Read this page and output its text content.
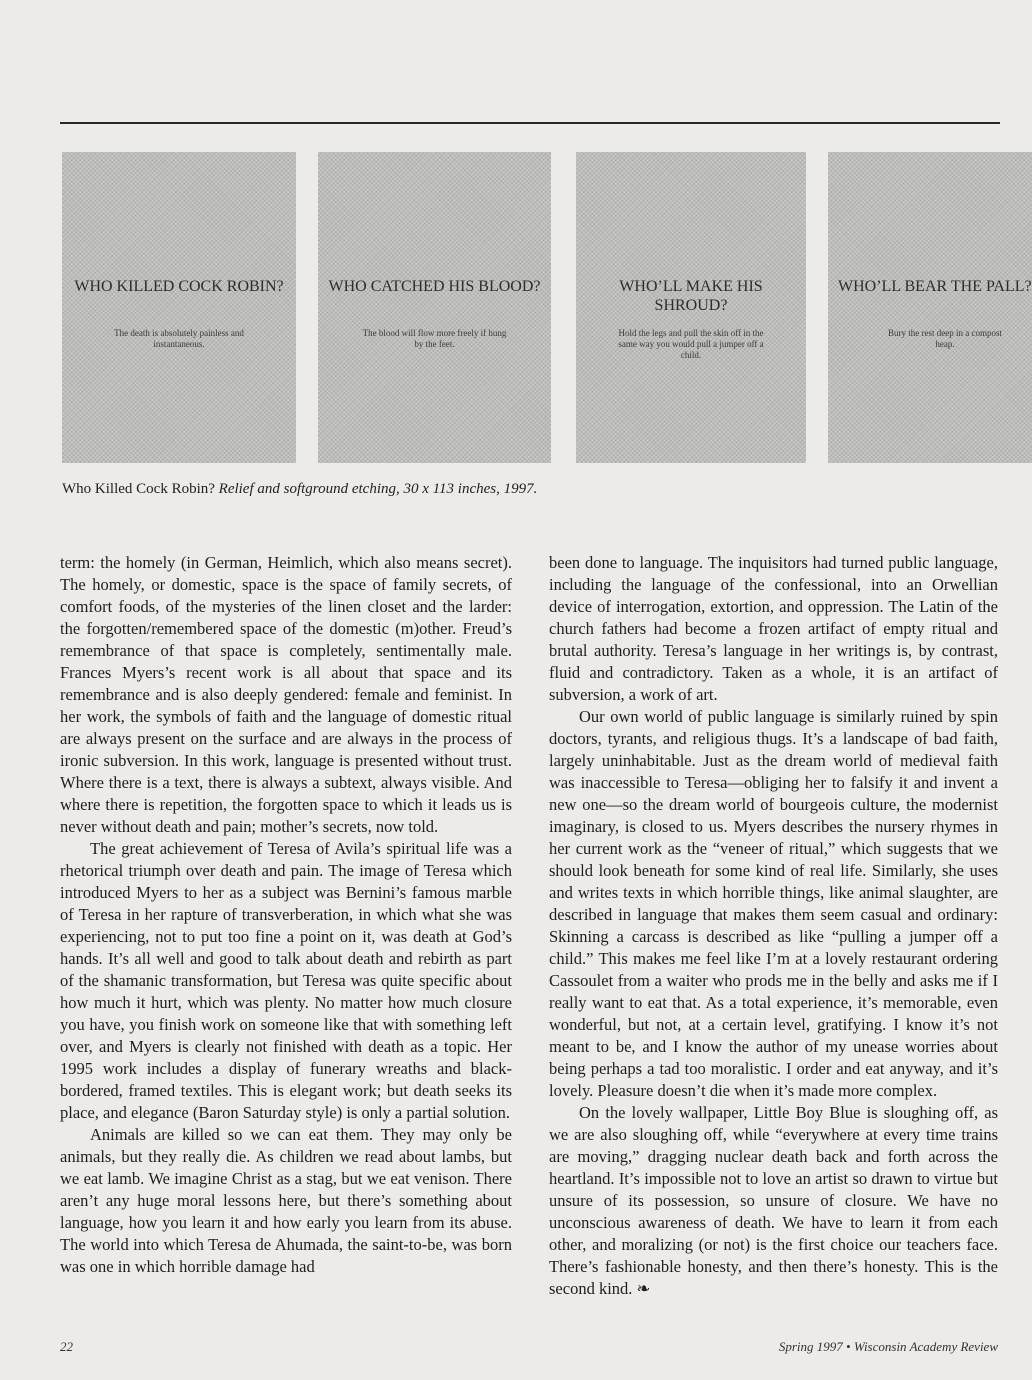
WHO KILLED COCK ROBIN?
The death is absolutely painless and instantaneous.
WHO CATCHED HIS BLOOD?
The blood will flow more freely if hung by the feet.
WHO’LL MAKE HIS SHROUD?
Hold the legs and pull the skin off in the same way you would pull a jumper off a child.
WHO’LL BEAR THE PALL?
Bury the rest deep in a compost heap.
Who Killed Cock Robin? Relief and softground etching, 30 x 113 inches, 1997.

term: the homely (in German, Heimlich, which also means secret). The homely, or domestic, space is the space of family secrets, of comfort foods, of the mysteries of the linen closet and the larder: the forgotten/remembered space of the domestic (m)other. Freud’s remembrance of that space is completely, sentimentally male. Frances Myers’s recent work is all about that space and its remembrance and is also deeply gendered: female and feminist. In her work, the symbols of faith and the language of domestic ritual are always present on the surface and are always in the process of ironic subversion. In this work, language is presented without trust. Where there is a text, there is always a subtext, always visible. And where there is repetition, the forgotten space to which it leads us is never without death and pain; mother’s secrets, now told.

The great achievement of Teresa of Avila’s spiritual life was a rhetorical triumph over death and pain. The image of Teresa which introduced Myers to her as a subject was Bernini’s famous marble of Teresa in her rapture of transverberation, in which what she was experiencing, not to put too fine a point on it, was death at God’s hands. It’s all well and good to talk about death and rebirth as part of the shamanic transformation, but Teresa was quite specific about how much it hurt, which was plenty. No matter how much closure you have, you finish work on someone like that with something left over, and Myers is clearly not finished with death as a topic. Her 1995 work includes a display of funerary wreaths and black-bordered, framed textiles. This is elegant work; but death seeks its place, and elegance (Baron Saturday style) is only a partial solution.

Animals are killed so we can eat them. They may only be animals, but they really die. As children we read about lambs, but we eat lamb. We imagine Christ as a stag, but we eat venison. There aren’t any huge moral lessons here, but there’s something about language, how you learn it and how early you learn from its abuse. The world into which Teresa de Ahumada, the saint-to-be, was born was one in which horrible damage had

been done to language. The inquisitors had turned public language, including the language of the confessional, into an Orwellian device of interrogation, extortion, and oppression. The Latin of the church fathers had become a frozen artifact of empty ritual and brutal authority. Teresa’s language in her writings is, by contrast, fluid and contradictory. Taken as a whole, it is an artifact of subversion, a work of art.

Our own world of public language is similarly ruined by spin doctors, tyrants, and religious thugs. It’s a landscape of bad faith, largely uninhabitable. Just as the dream world of medieval faith was inaccessible to Teresa—obliging her to falsify it and invent a new one—so the dream world of bourgeois culture, the modernist imaginary, is closed to us. Myers describes the nursery rhymes in her current work as the “veneer of ritual,” which suggests that we should look beneath for some kind of real life. Similarly, she uses and writes texts in which horrible things, like animal slaughter, are described in language that makes them seem casual and ordinary: Skinning a carcass is described as like “pulling a jumper off a child.” This makes me feel like I’m at a lovely restaurant ordering Cassoulet from a waiter who prods me in the belly and asks me if I really want to eat that. As a total experience, it’s memorable, even wonderful, but not, at a certain level, gratifying. I know it’s not meant to be, and I know the author of my unease worries about being perhaps a tad too moralistic. I order and eat anyway, and it’s lovely. Pleasure doesn’t die when it’s made more complex.

On the lovely wallpaper, Little Boy Blue is sloughing off, as we are also sloughing off, while “everywhere at every time trains are moving,” dragging nuclear death back and forth across the heartland. It’s impossible not to love an artist so drawn to virtue but unsure of its possession, so unsure of closure. We have no unconscious awareness of death. We have to learn it from each other, and moralizing (or not) is the first choice our teachers face. There’s fashionable honesty, and then there’s honesty. This is the second kind. ❧

22	Spring 1997 • Wisconsin Academy Review
